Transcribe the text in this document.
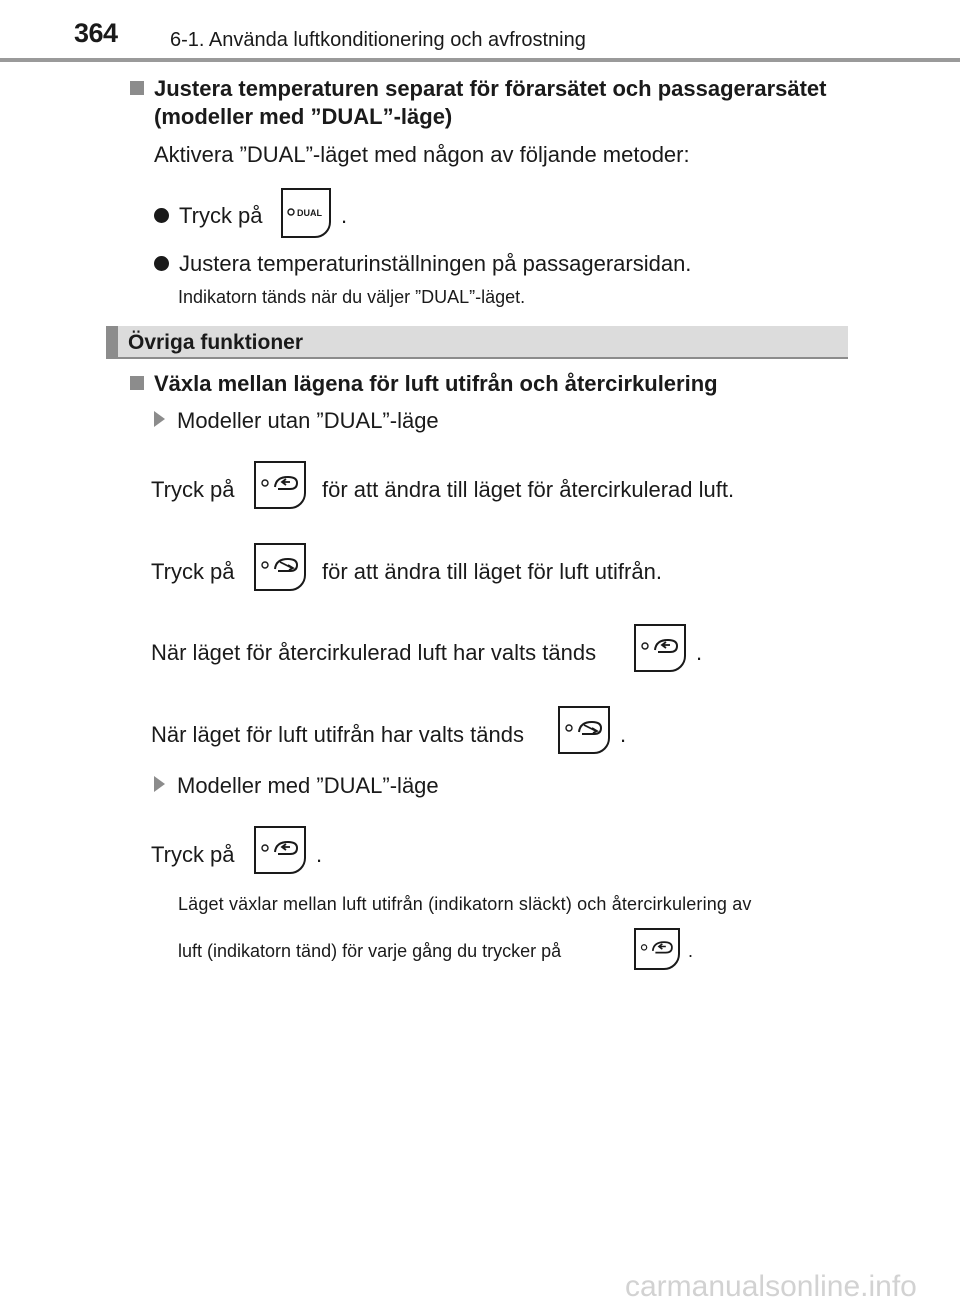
364	6-1. Använda luftkonditionering och avfrostning
Justera temperaturen separat för förarsätet och passagerarsätet
(modeller med ”DUAL”-läge)
Aktivera ”DUAL”-läget med någon av följande metoder:
Tryck på	DUAL .
Justera temperaturinställningen på passagerarsidan.
Indikatorn tänds när du väljer ”DUAL”-läget.
Övriga funktioner
Växla mellan lägena för luft utifrån och återcirkulering
Modeller utan ”DUAL”-läge
Tryck på	för att ändra till läget för återcirkulerad luft.
Tryck på	för att ändra till läget för luft utifrån.
När läget för återcirkulerad luft har valts tänds	.
När läget för luft utifrån har valts tänds	.
Modeller med ”DUAL”-läge
Tryck på	.
Läget växlar mellan luft utifrån (indikatorn släckt) och återcirkulering av
luft (indikatorn tänd) för varje gång du trycker på	.
carmanualsonline.info
